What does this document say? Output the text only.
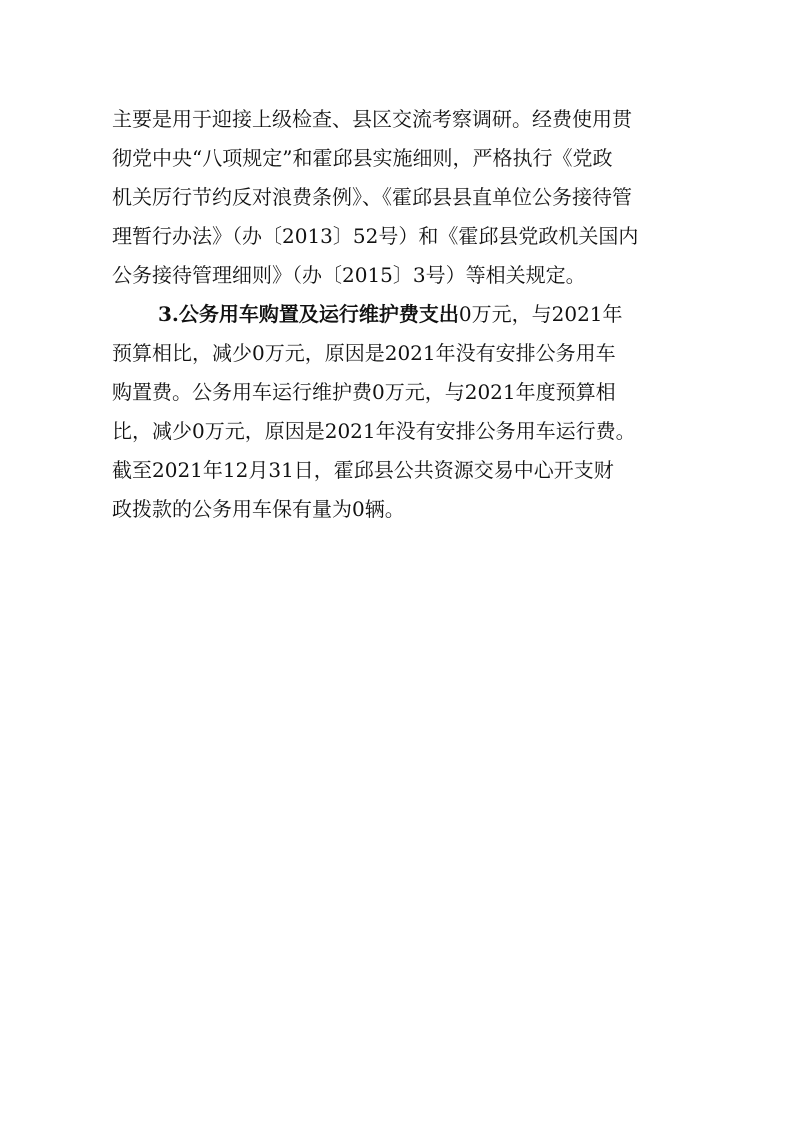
主要是用于迎接上级检查、县区交流考察调研。经费使用贯
彻党中央“八项规定”和霍邱县实施细则，严格执行《党政
机关厉行节约反对浪费条例》、《霍邱县县直单位公务接待管
理暂行办法》（办〔2013〕52号）和《霍邱县党政机关国内
公务接待管理细则》（办〔2015〕3号）等相关规定。
3.公务用车购置及运行维护费支出0万元，与2021年
预算相比，减少0万元，原因是2021年没有安排公务用车
购置费。公务用车运行维护费0万元，与2021年度预算相
比，减少0万元，原因是2021年没有安排公务用车运行费。
截至2021年12月31日，霍邱县公共资源交易中心开支财
政拨款的公务用车保有量为0辆。
